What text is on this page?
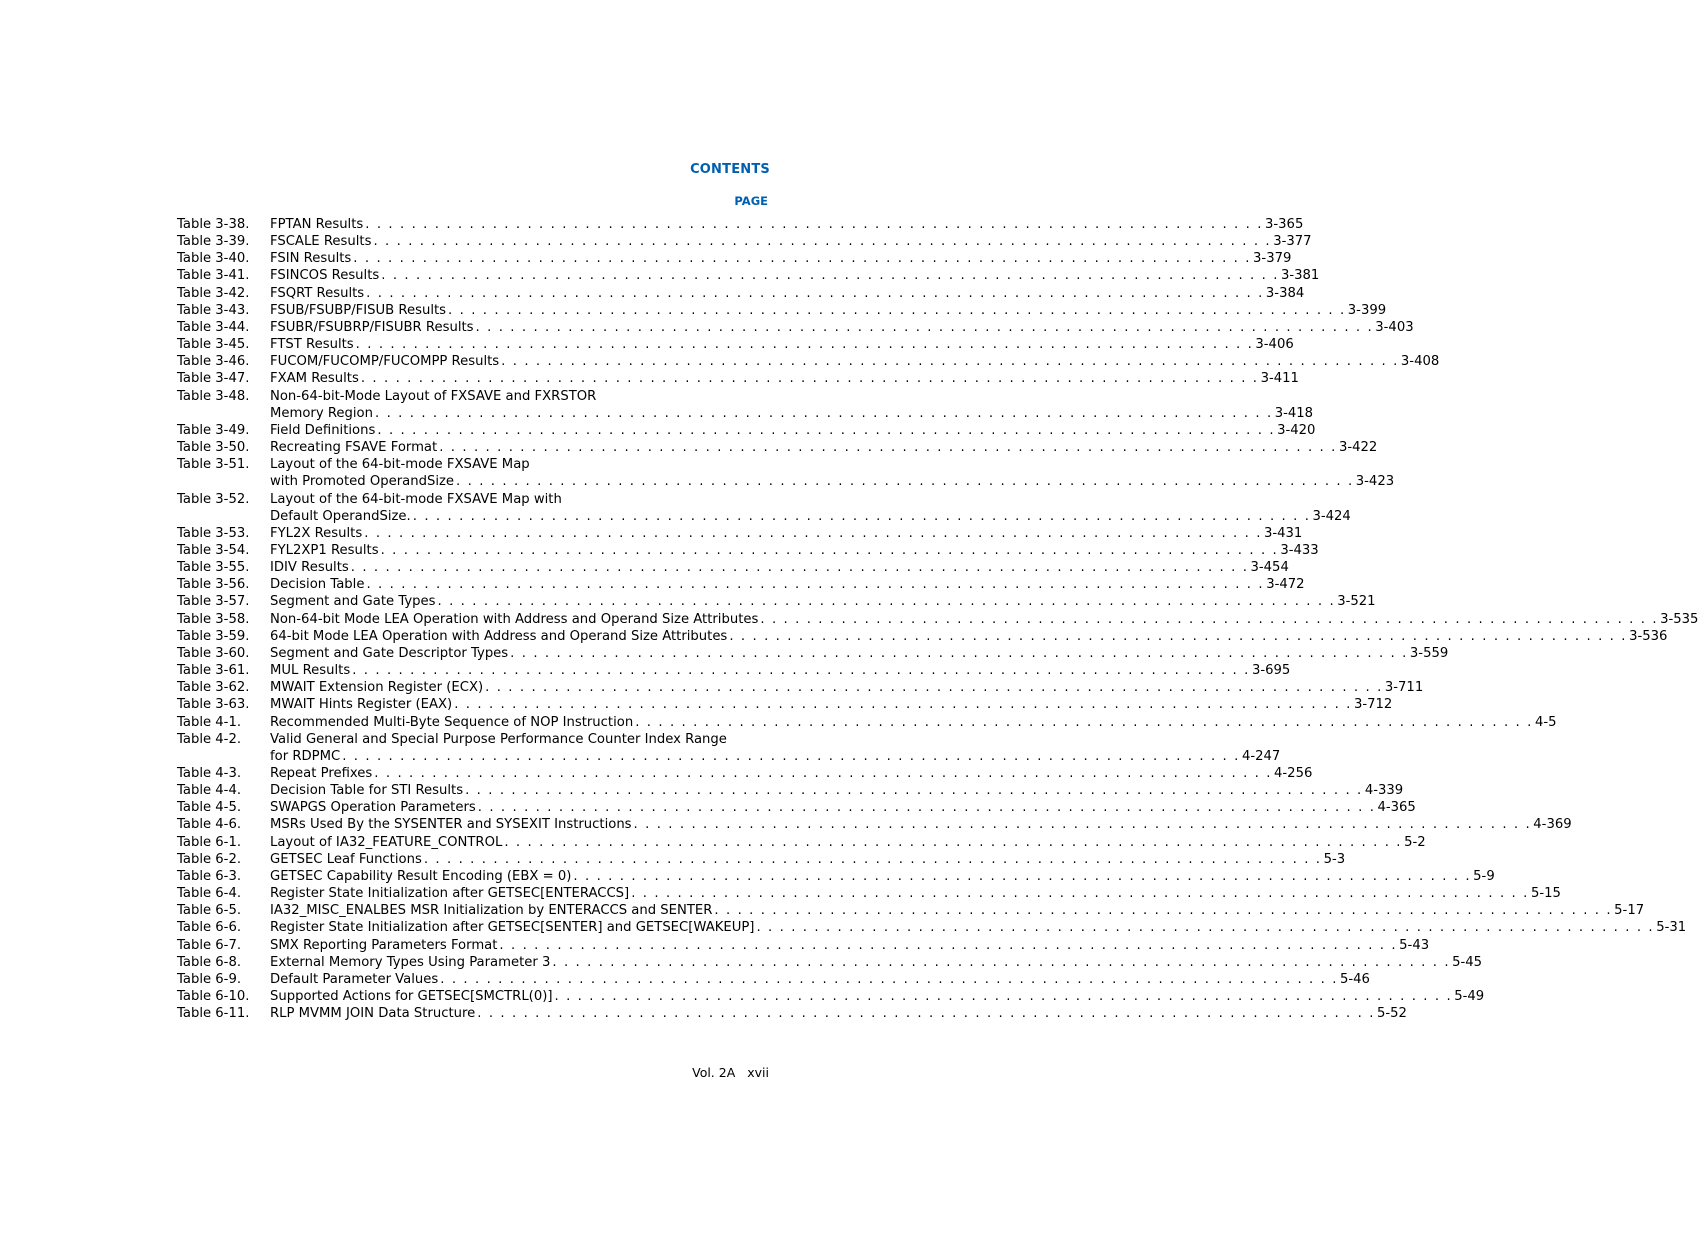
CONTENTS
PAGE
Table 3-38. FPTAN Results . . . . . . . . . . . . . . . . . . . . . . . . . . . . . . . . . . . . . . . . . . . . . . . . . . . . . . . . . . . . . . . . . . . . . . . . . . . . . . 3-365
Table 3-39. FSCALE Results . . . . . . . . . . . . . . . . . . . . . . . . . . . . . . . . . . . . . . . . . . . . . . . . . . . . . . . . . . . . . . . . . . . . . . . . . . . . . . 3-377
Table 3-40. FSIN Results . . . . . . . . . . . . . . . . . . . . . . . . . . . . . . . . . . . . . . . . . . . . . . . . . . . . . . . . . . . . . . . . . . . . . . . . . . . . . . 3-379
Table 3-41. FSINCOS Results . . . . . . . . . . . . . . . . . . . . . . . . . . . . . . . . . . . . . . . . . . . . . . . . . . . . . . . . . . . . . . . . . . . . . . . . . . . . . . 3-381
Table 3-42. FSQRT Results . . . . . . . . . . . . . . . . . . . . . . . . . . . . . . . . . . . . . . . . . . . . . . . . . . . . . . . . . . . . . . . . . . . . . . . . . . . . . . 3-384
Table 3-43. FSUB/FSUBP/FISUB Results . . . . . . . . . . . . . . . . . . . . . . . . . . . . . . . . . . . . . . . . . . . . . . . . . . . . . . . . . . . . . . . . . . . . . . . . . . . . . . 3-399
Table 3-44. FSUBR/FSUBRP/FISUBR Results . . . . . . . . . . . . . . . . . . . . . . . . . . . . . . . . . . . . . . . . . . . . . . . . . . . . . . . . . . . . . . . . . . . . . . . . . . . . . . 3-403
Table 3-45. FTST Results . . . . . . . . . . . . . . . . . . . . . . . . . . . . . . . . . . . . . . . . . . . . . . . . . . . . . . . . . . . . . . . . . . . . . . . . . . . . . . 3-406
Table 3-46. FUCOM/FUCOMP/FUCOMPP Results . . . . . . . . . . . . . . . . . . . . . . . . . . . . . . . . . . . . . . . . . . . . . . . . . . . . . . . . . . . . . . . . . . . . . . . . . . . . . . 3-408
Table 3-47. FXAM Results . . . . . . . . . . . . . . . . . . . . . . . . . . . . . . . . . . . . . . . . . . . . . . . . . . . . . . . . . . . . . . . . . . . . . . . . . . . . . . 3-411
Table 3-48.	Non-64-bit-Mode Layout of FXSAVE and FXRSTOR
Memory Region . . . . . . . . . . . . . . . . . . . . . . . . . . . . . . . . . . . . . . . . . . . . . . . . . . . . . . . . . . . . . . . . . . . . . . . . . . . . . . 3-418
Table 3-49. Field Definitions . . . . . . . . . . . . . . . . . . . . . . . . . . . . . . . . . . . . . . . . . . . . . . . . . . . . . . . . . . . . . . . . . . . . . . . . . . . . . . 3-420
Table 3-50. Recreating FSAVE Format . . . . . . . . . . . . . . . . . . . . . . . . . . . . . . . . . . . . . . . . . . . . . . . . . . . . . . . . . . . . . . . . . . . . . . . . . . . . . . 3-422
Table 3-51.	Layout of the 64-bit-mode FXSAVE Map
with Promoted OperandSize . . . . . . . . . . . . . . . . . . . . . . . . . . . . . . . . . . . . . . . . . . . . . . . . . . . . . . . . . . . . . . . . . . . . . . . . . . . . . . 3-423
Table 3-52.	Layout of the 64-bit-mode FXSAVE Map with
Default OperandSize. . . . . . . . . . . . . . . . . . . . . . . . . . . . . . . . . . . . . . . . . . . . . . . . . . . . . . . . . . . . . . . . . . . . . . . . . . . . . . . 3-424
Table 3-53. FYL2X Results . . . . . . . . . . . . . . . . . . . . . . . . . . . . . . . . . . . . . . . . . . . . . . . . . . . . . . . . . . . . . . . . . . . . . . . . . . . . . . 3-431
Table 3-54. FYL2XP1 Results . . . . . . . . . . . . . . . . . . . . . . . . . . . . . . . . . . . . . . . . . . . . . . . . . . . . . . . . . . . . . . . . . . . . . . . . . . . . . . 3-433
Table 3-55. IDIV Results . . . . . . . . . . . . . . . . . . . . . . . . . . . . . . . . . . . . . . . . . . . . . . . . . . . . . . . . . . . . . . . . . . . . . . . . . . . . . . 3-454
Table 3-56. Decision Table . . . . . . . . . . . . . . . . . . . . . . . . . . . . . . . . . . . . . . . . . . . . . . . . . . . . . . . . . . . . . . . . . . . . . . . . . . . . . . 3-472
Table 3-57. Segment and Gate Types . . . . . . . . . . . . . . . . . . . . . . . . . . . . . . . . . . . . . . . . . . . . . . . . . . . . . . . . . . . . . . . . . . . . . . . . . . . . . . 3-521
Table 3-58. Non-64-bit Mode LEA Operation with Address and Operand Size Attributes . . . . . . . . . . . . . . . . . . . . . . . . . . . . . . . . . . . . . . . . . . . . . . . . . . . . . . . . . . . . . . . . . . . . . . . . . . . . . . 3-535
Table 3-59. 64-bit Mode LEA Operation with Address and Operand Size Attributes . . . . . . . . . . . . . . . . . . . . . . . . . . . . . . . . . . . . . . . . . . . . . . . . . . . . . . . . . . . . . . . . . . . . . . . . . . . . . . 3-536
Table 3-60. Segment and Gate Descriptor Types . . . . . . . . . . . . . . . . . . . . . . . . . . . . . . . . . . . . . . . . . . . . . . . . . . . . . . . . . . . . . . . . . . . . . . . . . . . . . . 3-559
Table 3-61. MUL Results . . . . . . . . . . . . . . . . . . . . . . . . . . . . . . . . . . . . . . . . . . . . . . . . . . . . . . . . . . . . . . . . . . . . . . . . . . . . . . 3-695
Table 3-62. MWAIT Extension Register (ECX) . . . . . . . . . . . . . . . . . . . . . . . . . . . . . . . . . . . . . . . . . . . . . . . . . . . . . . . . . . . . . . . . . . . . . . . . . . . . . . 3-711
Table 3-63. MWAIT Hints Register (EAX) . . . . . . . . . . . . . . . . . . . . . . . . . . . . . . . . . . . . . . . . . . . . . . . . . . . . . . . . . . . . . . . . . . . . . . . . . . . . . . 3-712
Table 4-1. Recommended Multi-Byte Sequence of NOP Instruction . . . . . . . . . . . . . . . . . . . . . . . . . . . . . . . . . . . . . . . . . . . . . . . . . . . . . . . . . . . . . . . . . . . . . . . . . . . . . . 4-5
Table 4-2.	Valid General and Special Purpose Performance Counter Index Range
for RDPMC . . . . . . . . . . . . . . . . . . . . . . . . . . . . . . . . . . . . . . . . . . . . . . . . . . . . . . . . . . . . . . . . . . . . . . . . . . . . . . 4-247
Table 4-3. Repeat Prefixes . . . . . . . . . . . . . . . . . . . . . . . . . . . . . . . . . . . . . . . . . . . . . . . . . . . . . . . . . . . . . . . . . . . . . . . . . . . . . . 4-256
Table 4-4. Decision Table for STI Results . . . . . . . . . . . . . . . . . . . . . . . . . . . . . . . . . . . . . . . . . . . . . . . . . . . . . . . . . . . . . . . . . . . . . . . . . . . . . . 4-339
Table 4-5. SWAPGS Operation Parameters . . . . . . . . . . . . . . . . . . . . . . . . . . . . . . . . . . . . . . . . . . . . . . . . . . . . . . . . . . . . . . . . . . . . . . . . . . . . . . 4-365
Table 4-6. MSRs Used By the SYSENTER and SYSEXIT Instructions . . . . . . . . . . . . . . . . . . . . . . . . . . . . . . . . . . . . . . . . . . . . . . . . . . . . . . . . . . . . . . . . . . . . . . . . . . . . . . 4-369
Table 6-1. Layout of IA32_FEATURE_CONTROL . . . . . . . . . . . . . . . . . . . . . . . . . . . . . . . . . . . . . . . . . . . . . . . . . . . . . . . . . . . . . . . . . . . . . . . . . . . . . . 5-2
Table 6-2. GETSEC Leaf Functions . . . . . . . . . . . . . . . . . . . . . . . . . . . . . . . . . . . . . . . . . . . . . . . . . . . . . . . . . . . . . . . . . . . . . . . . . . . . . . 5-3
Table 6-3. GETSEC Capability Result Encoding (EBX = 0) . . . . . . . . . . . . . . . . . . . . . . . . . . . . . . . . . . . . . . . . . . . . . . . . . . . . . . . . . . . . . . . . . . . . . . . . . . . . . . 5-9
Table 6-4. Register State Initialization after GETSEC[ENTERACCS] . . . . . . . . . . . . . . . . . . . . . . . . . . . . . . . . . . . . . . . . . . . . . . . . . . . . . . . . . . . . . . . . . . . . . . . . . . . . . . 5-15
Table 6-5. IA32_MISC_ENALBES MSR Initialization by ENTERACCS and SENTER . . . . . . . . . . . . . . . . . . . . . . . . . . . . . . . . . . . . . . . . . . . . . . . . . . . . . . . . . . . . . . . . . . . . . . . . . . . . . . 5-17
Table 6-6. Register State Initialization after GETSEC[SENTER] and GETSEC[WAKEUP] . . . . . . . . . . . . . . . . . . . . . . . . . . . . . . . . . . . . . . . . . . . . . . . . . . . . . . . . . . . . . . . . . . . . . . . . . . . . . . 5-31
Table 6-7. SMX Reporting Parameters Format . . . . . . . . . . . . . . . . . . . . . . . . . . . . . . . . . . . . . . . . . . . . . . . . . . . . . . . . . . . . . . . . . . . . . . . . . . . . . . 5-43
Table 6-8. External Memory Types Using Parameter 3 . . . . . . . . . . . . . . . . . . . . . . . . . . . . . . . . . . . . . . . . . . . . . . . . . . . . . . . . . . . . . . . . . . . . . . . . . . . . . . 5-45
Table 6-9. Default Parameter Values . . . . . . . . . . . . . . . . . . . . . . . . . . . . . . . . . . . . . . . . . . . . . . . . . . . . . . . . . . . . . . . . . . . . . . . . . . . . . . 5-46
Table 6-10. Supported Actions for GETSEC[SMCTRL(0)] . . . . . . . . . . . . . . . . . . . . . . . . . . . . . . . . . . . . . . . . . . . . . . . . . . . . . . . . . . . . . . . . . . . . . . . . . . . . . . 5-49
Table 6-11. RLP MVMM JOIN Data Structure . . . . . . . . . . . . . . . . . . . . . . . . . . . . . . . . . . . . . . . . . . . . . . . . . . . . . . . . . . . . . . . . . . . . . . . . . . . . . . 5-52
Vol. 2A xvii
